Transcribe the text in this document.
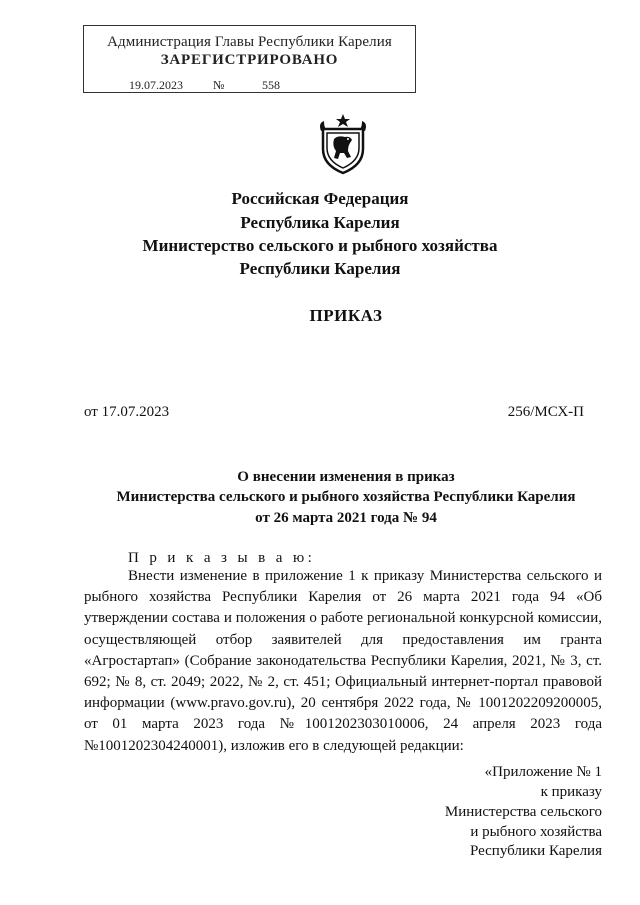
Администрация Главы Республики Карелия
ЗАРЕГИСТРИРОВАНО
19.07.2023	№	558
Российская Федерация
Республика Карелия
Министерство сельского и рыбного хозяйства
Республики Карелия
ПРИКАЗ
от 17.07.2023	256/МСХ-П
О внесении изменения в приказ
Министерства сельского и рыбного хозяйства Республики Карелия
от 26 марта 2021 года № 94
П р и к а з ы в а ю:

Внести изменение в приложение 1 к приказу Министерства сельского и рыбного хозяйства Республики Карелия от 26 марта 2021 года 94 «Об утверждении состава и положения о работе региональной конкурсной комиссии, осуществляющей отбор заявителей для предоставления им гранта «Агростартап» (Собрание законодательства Республики Карелия, 2021, № 3, ст. 692; № 8, ст. 2049; 2022, № 2, ст. 451; Официальный интернет-портал правовой информации (www.pravo.gov.ru), 20 сентября 2022 года, № 1001202209200005, от 01 марта 2023 года №1001202303010006, 24 апреля 2023 года №1001202304240001), изложив его в следующей редакции:

«Приложение № 1
к приказу
Министерства сельского
и рыбного хозяйства
Республики Карелия
